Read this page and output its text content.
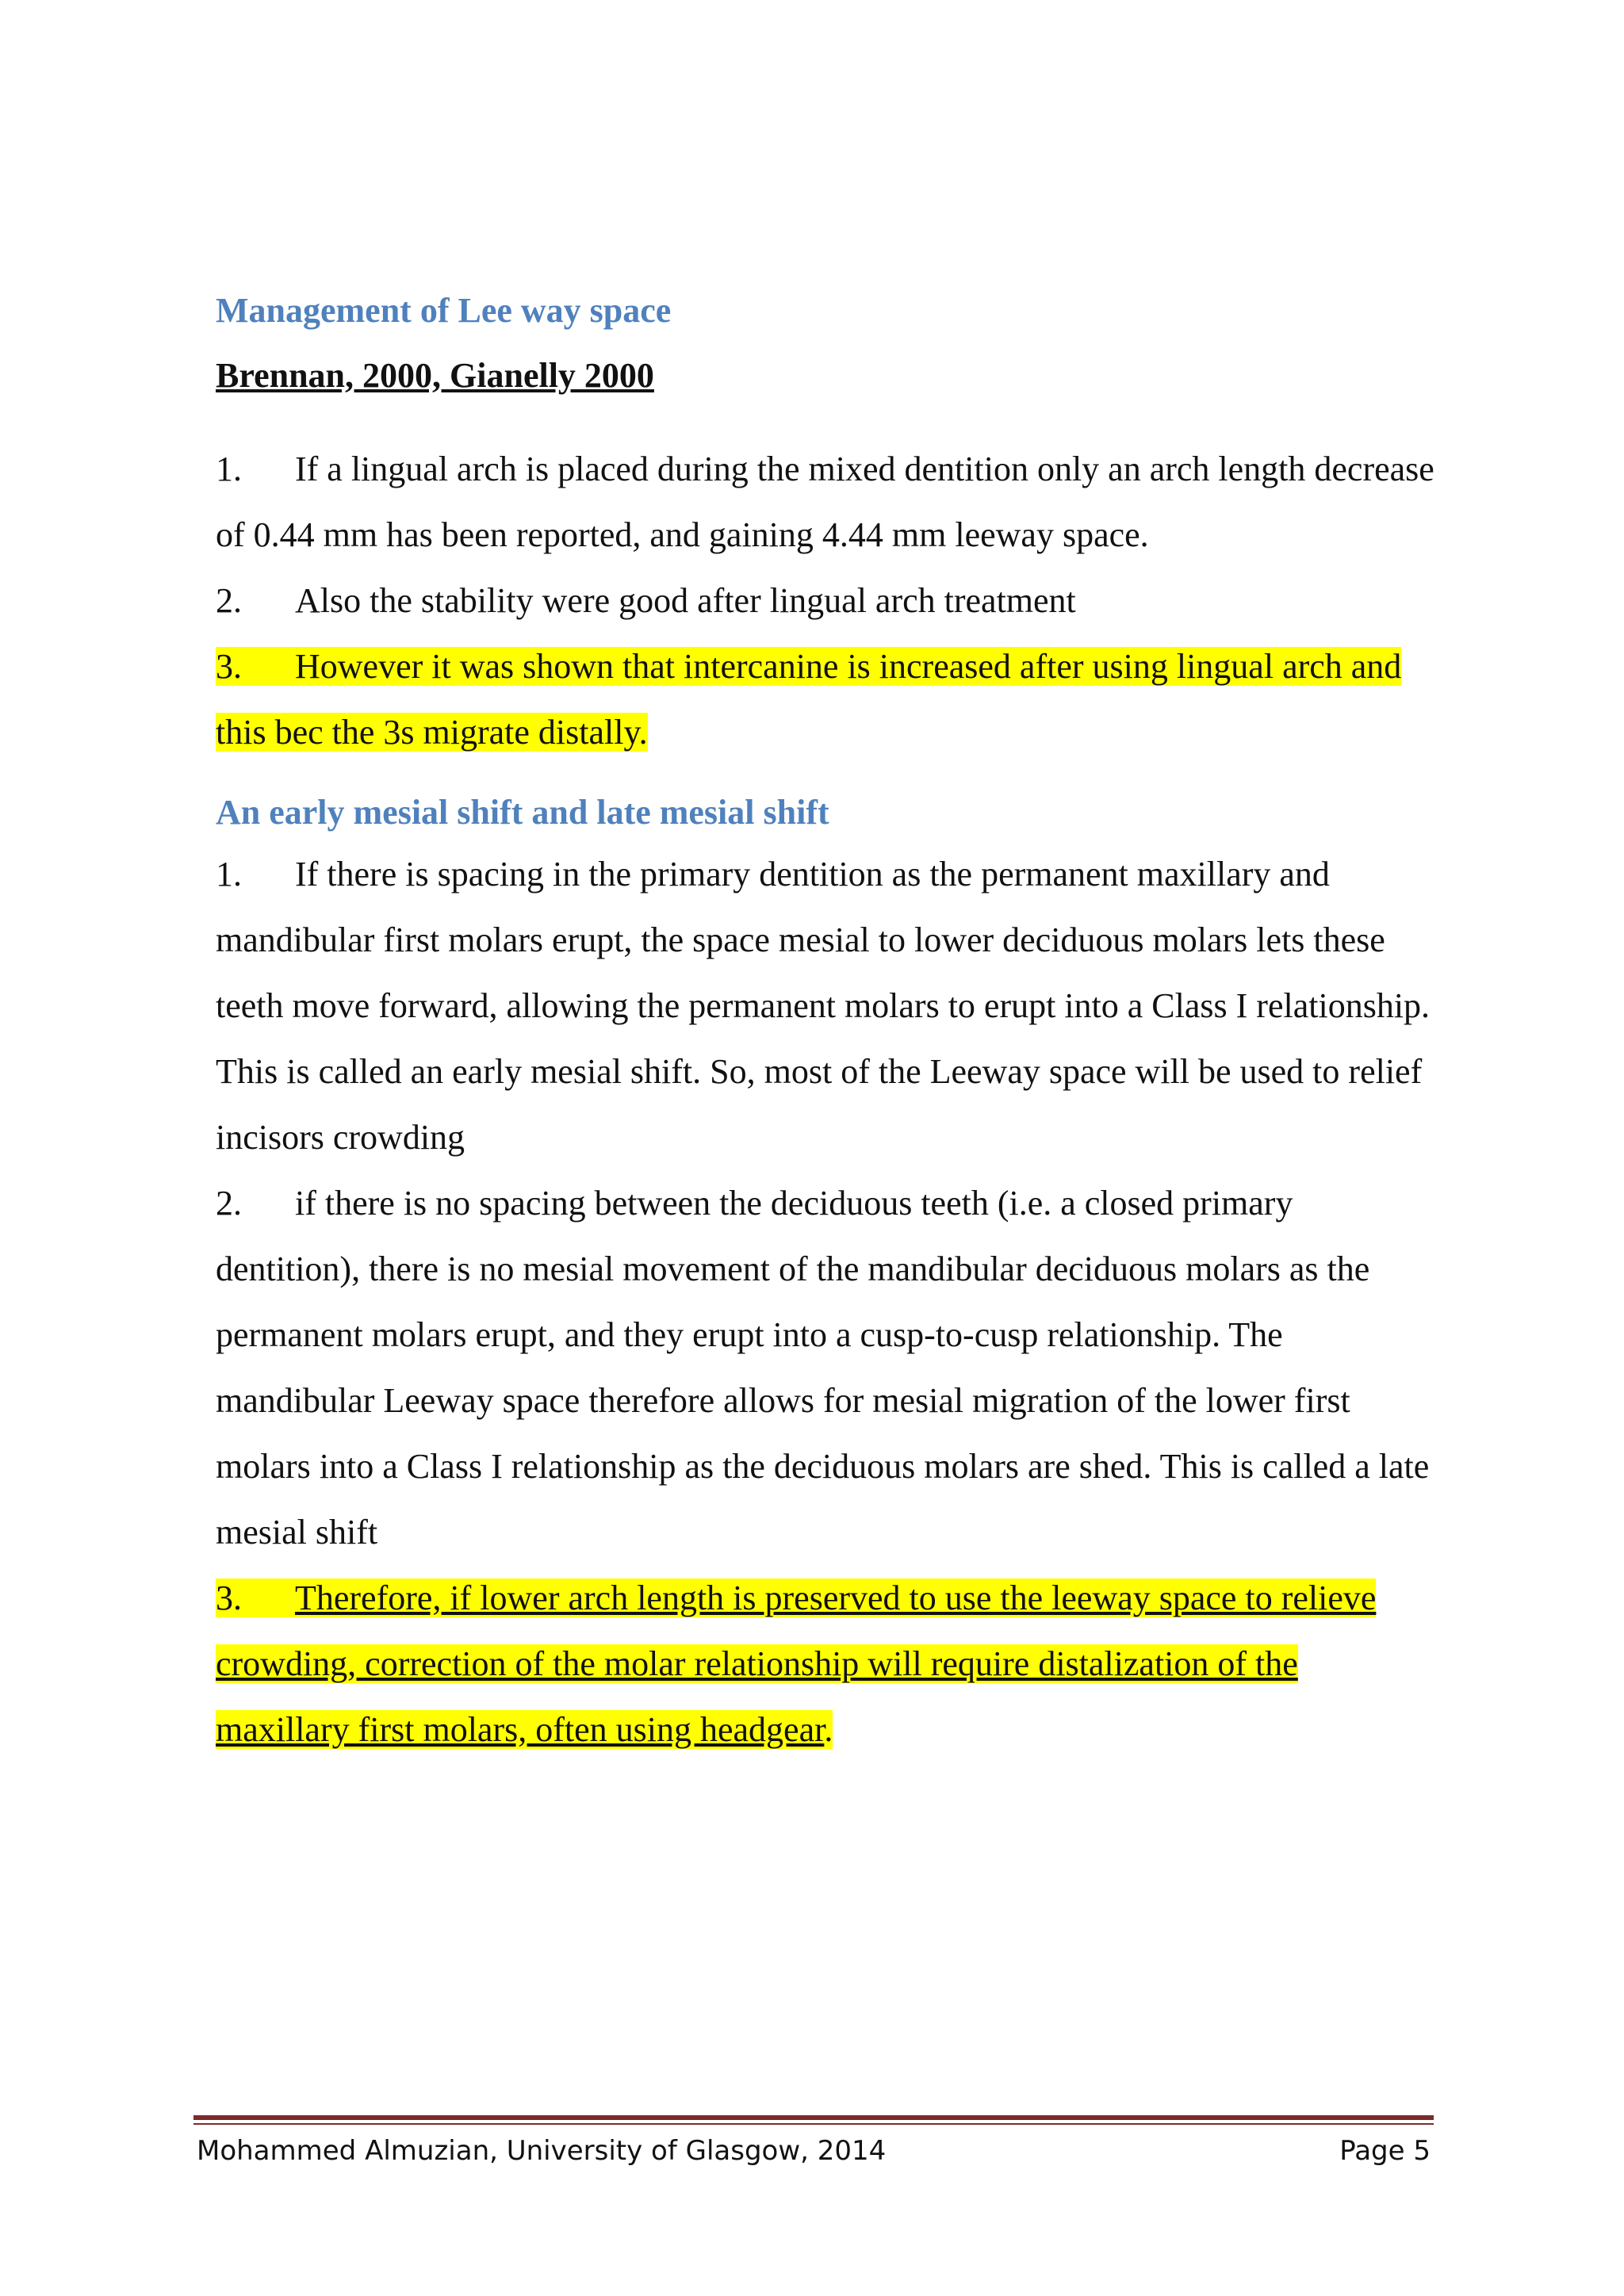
Management of Lee way space

Brennan, 2000, Gianelly 2000

1. If a lingual arch is placed during the mixed dentition only an arch length decrease of 0.44 mm has been reported, and gaining 4.44 mm leeway space.

2. Also the stability were good after lingual arch treatment

3. However it was shown that intercanine is increased after using lingual arch and this bec the 3s migrate distally.

An early mesial shift and late mesial shift

1. If there is spacing in the primary dentition as the permanent maxillary and mandibular first molars erupt, the space mesial to lower deciduous molars lets these teeth move forward, allowing the permanent molars to erupt into a Class I relationship. This is called an early mesial shift. So, most of the Leeway space will be used to relief incisors crowding

2. if there is no spacing between the deciduous teeth (i.e. a closed primary dentition), there is no mesial movement of the mandibular deciduous molars as the permanent molars erupt, and they erupt into a cusp-to-cusp relationship. The mandibular Leeway space therefore allows for mesial migration of the lower first molars into a Class I relationship as the deciduous molars are shed. This is called a late mesial shift

3. Therefore, if lower arch length is preserved to use the leeway space to relieve crowding, correction of the molar relationship will require distalization of the maxillary first molars, often using headgear.

Mohammed Almuzian, University of Glasgow, 2014	Page 5
